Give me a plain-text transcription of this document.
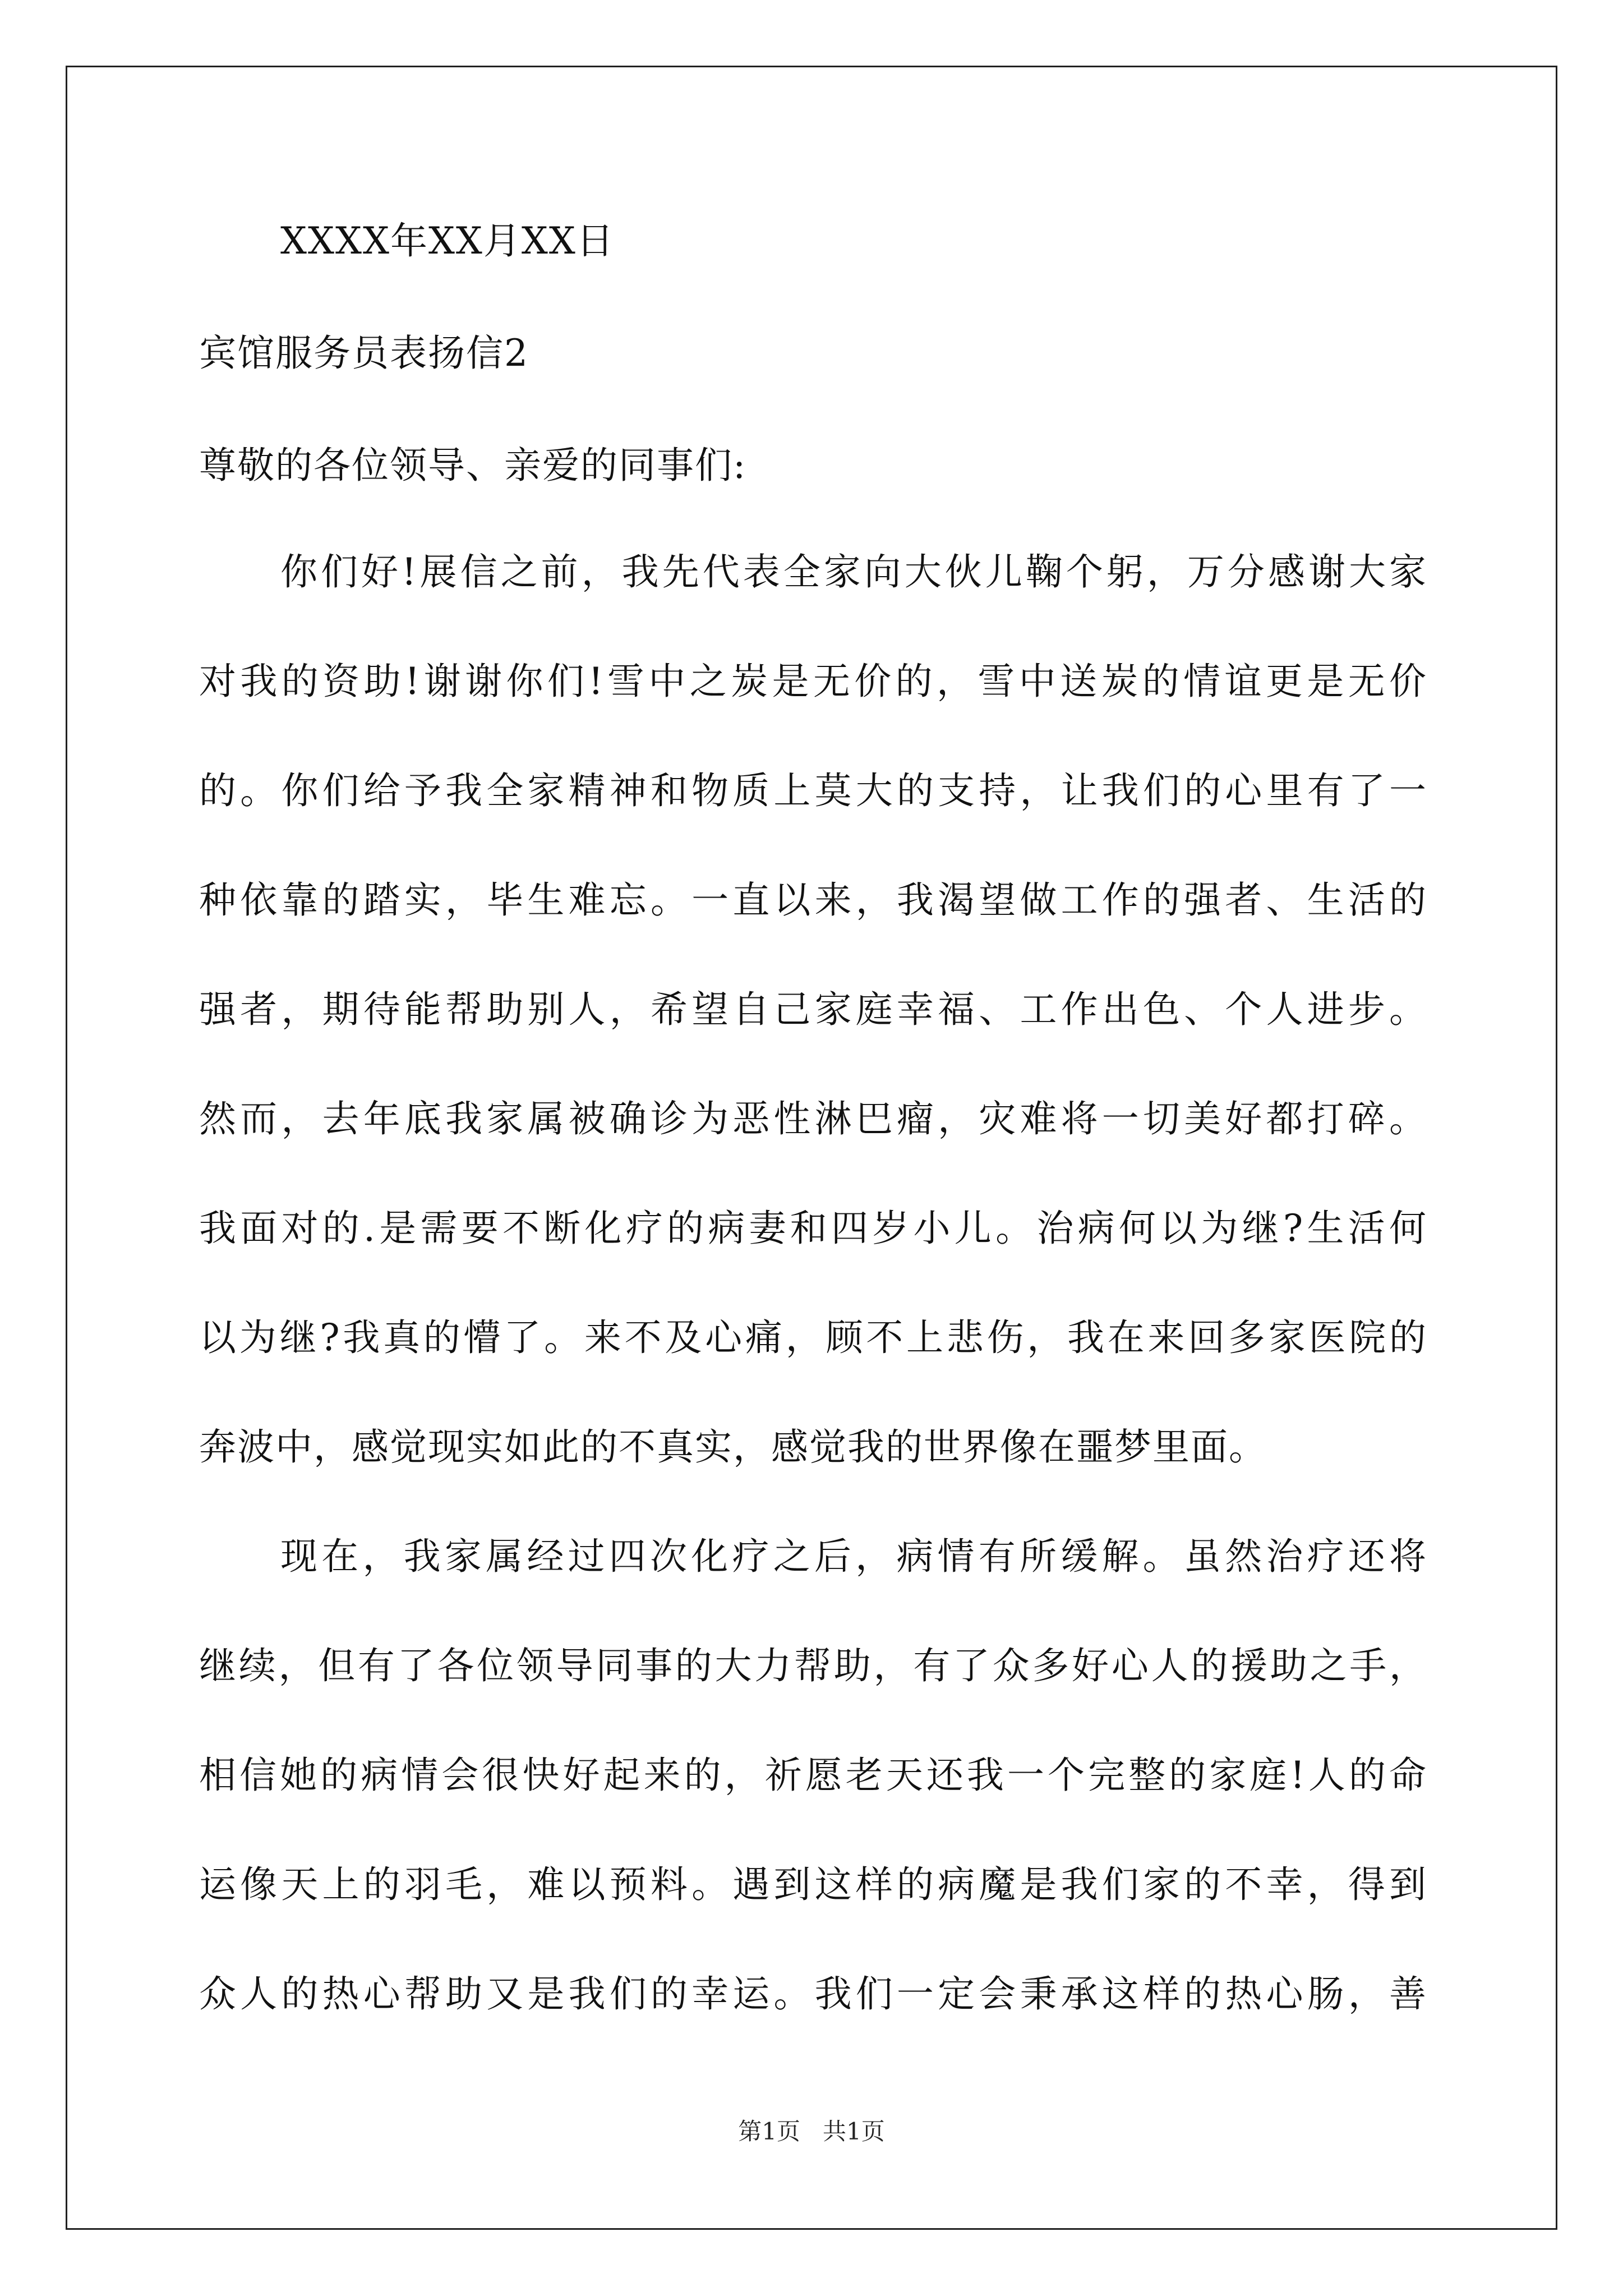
XXXX年XX月XX日
宾馆服务员表扬信2
尊敬的各位领导、亲爱的同事们:
你们好!展信之前，我先代表全家向大伙儿鞠个躬，万分感谢大家
对我的资助!谢谢你们!雪中之炭是无价的，雪中送炭的情谊更是无价
的。你们给予我全家精神和物质上莫大的支持，让我们的心里有了一
种依靠的踏实，毕生难忘。一直以来，我渴望做工作的强者、生活的
强者，期待能帮助别人，希望自己家庭幸福、工作出色、个人进步。
然而，去年底我家属被确诊为恶性淋巴瘤，灾难将一切美好都打碎。
我面对的.是需要不断化疗的病妻和四岁小儿。治病何以为继?生活何
以为继?我真的懵了。来不及心痛，顾不上悲伤，我在来回多家医院的
奔波中，感觉现实如此的不真实，感觉我的世界像在噩梦里面。
现在，我家属经过四次化疗之后，病情有所缓解。虽然治疗还将
继续，但有了各位领导同事的大力帮助，有了众多好心人的援助之手，
相信她的病情会很快好起来的，祈愿老天还我一个完整的家庭!人的命
运像天上的羽毛，难以预料。遇到这样的病魔是我们家的不幸，得到
众人的热心帮助又是我们的幸运。我们一定会秉承这样的热心肠，善
第1页 共1页
